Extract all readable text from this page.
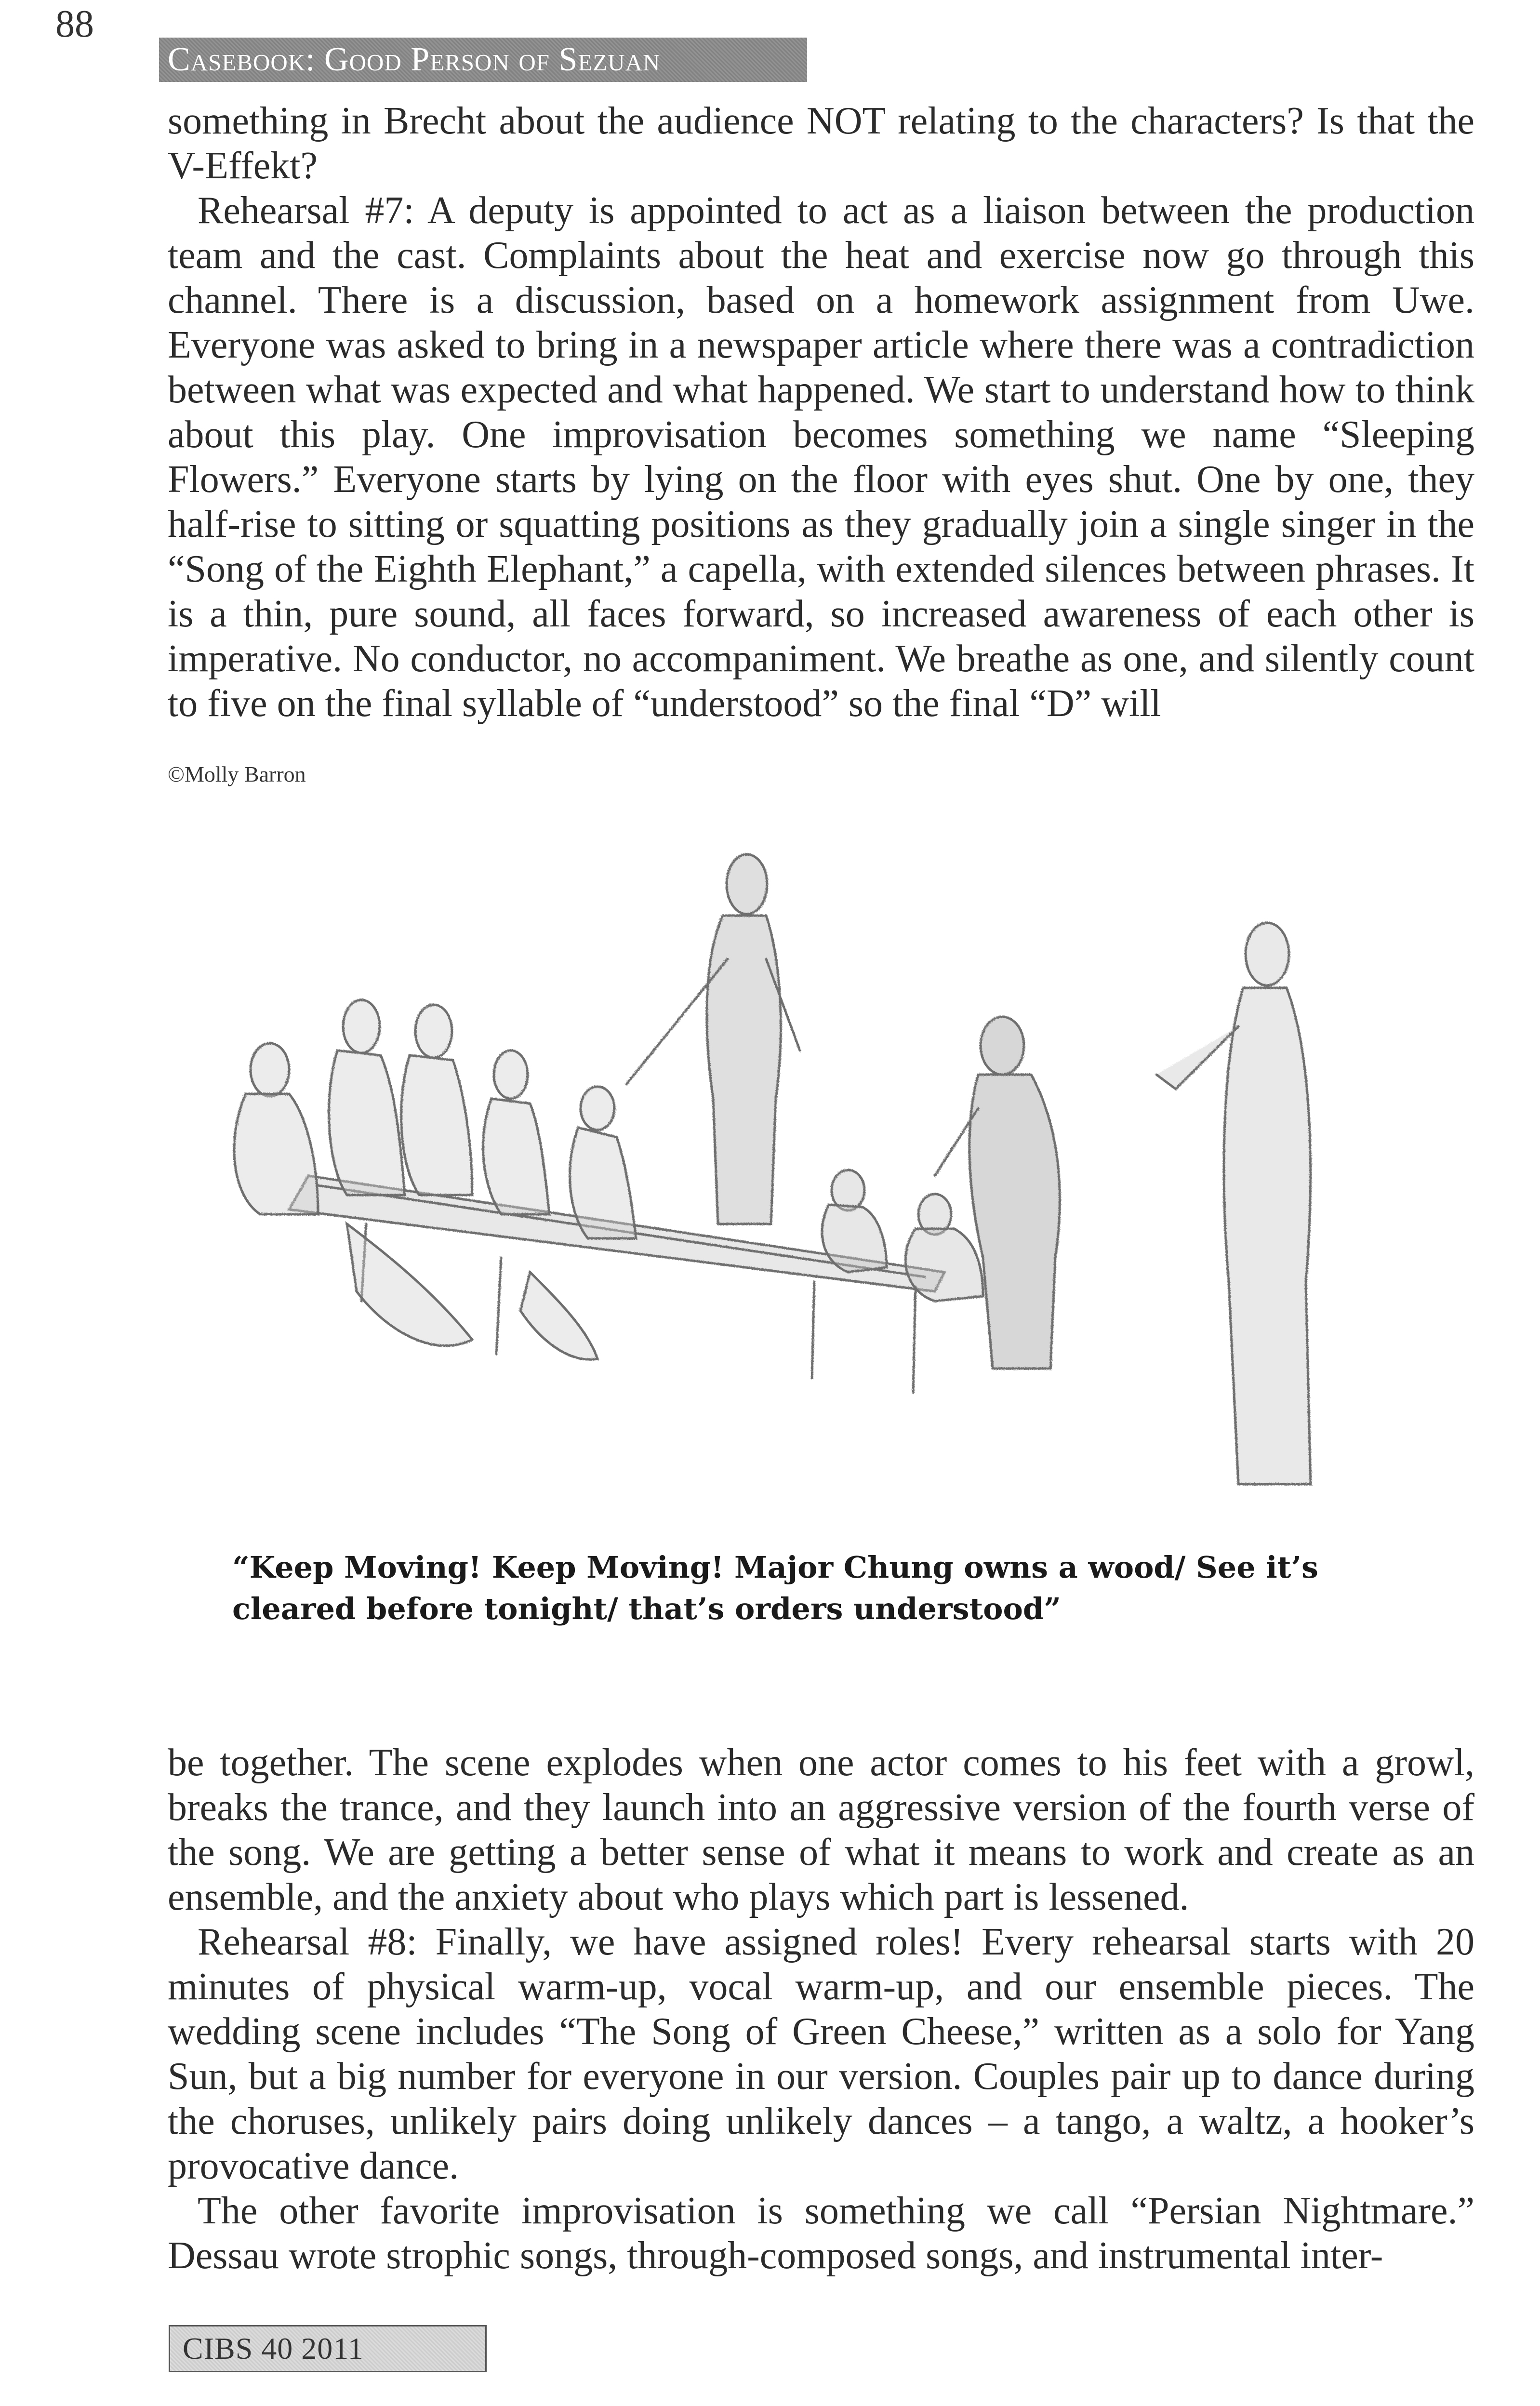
88
Casebook: Good Person of Sezuan

something in Brecht about the audience NOT relating to the characters? Is that the V-Effekt?

Rehearsal #7: A deputy is appointed to act as a liaison between the production team and the cast. Complaints about the heat and exercise now go through this channel. There is a discussion, based on a homework assignment from Uwe. Everyone was asked to bring in a newspaper article where there was a contradiction between what was expected and what happened. We start to understand how to think about this play. One improvisation becomes something we name “Sleeping Flowers.” Everyone starts by lying on the floor with eyes shut. One by one, they half-rise to sitting or squatting positions as they gradually join a single singer in the “Song of the Eighth Elephant,” a capella, with extended silences between phrases. It is a thin, pure sound, all faces forward, so increased awareness of each other is imperative. No conductor, no accompaniment. We breathe as one, and silently count to five on the final syllable of “understood” so the final “D” will

©Molly Barron
“Keep Moving! Keep Moving! Major Chung owns a wood/ See it’s
cleared before tonight/ that’s orders understood”

be together. The scene explodes when one actor comes to his feet with a growl, breaks the trance, and they launch into an aggressive version of the fourth verse of the song. We are getting a better sense of what it means to work and create as an ensemble, and the anxiety about who plays which part is lessened.

Rehearsal #8: Finally, we have assigned roles! Every rehearsal starts with 20 minutes of physical warm-up, vocal warm-up, and our ensemble pieces. The wedding scene includes “The Song of Green Cheese,” written as a solo for Yang Sun, but a big number for everyone in our version. Couples pair up to dance during the choruses, unlikely pairs doing unlikely dances – a tango, a waltz, a hooker’s provocative dance.

The other favorite improvisation is something we call “Persian Nightmare.” Dessau wrote strophic songs, through-composed songs, and instrumental inter-

CIBS 40 2011
